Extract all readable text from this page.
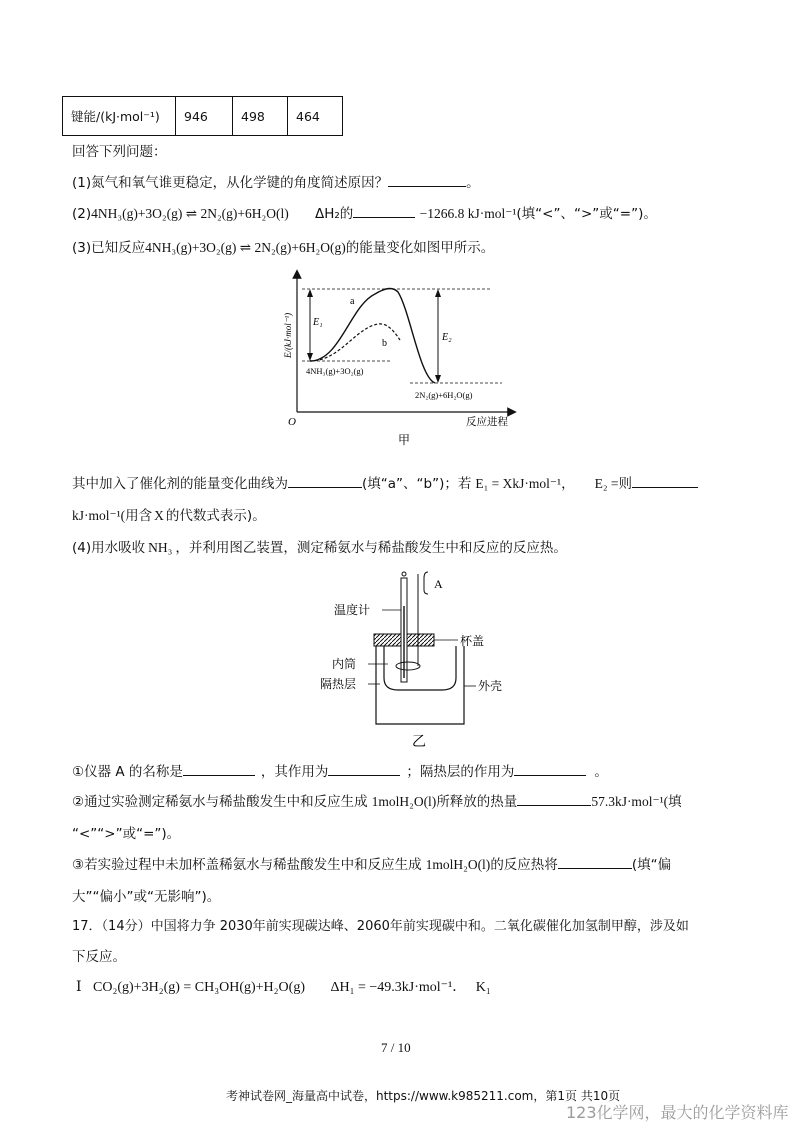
键能/(kJ·mol⁻¹)	946	498	464
回答下列问题：
(1)氮气和氧气谁更稳定，从化学键的角度简述原因？	。
(2)4NH₃(g)+3O₂(g) ⇌ 2N₂(g)+6H₂O(l) ΔH₂的	−1266.8 kJ·mol⁻¹(填“<”、“>”或“=”)。
(3)已知反应4NH₃(g)+3O₂(g) ⇌ 2N₂(g)+6H₂O(g)的能量变化如图甲所示。
a
b
E₁
E₂
4NH₃(g)+3O₂(g)
2N₂(g)+6H₂O(g)
O	反应进程
E/(kJ·mol⁻¹)
甲
其中加入了催化剂的能量变化曲线为	(填“a”、“b”)；若 E₁ = XkJ·mol⁻¹， E₂ =则
kJ·mol⁻¹(用含 X 的代数式表示)。
(4)用水吸收 NH₃ ，并利用图乙装置，测定稀氨水与稀盐酸发生中和反应的反应热。
A
温度计
杯盖
内筒
隔热层	外壳
乙
①仪器 A 的名称是	，其作用为	；隔热层的作用为	。
②通过实验测定稀氨水与稀盐酸发生中和反应生成 1molH₂O(l)所释放的热量	57.3kJ·mol⁻¹(填
“<”“>”或“=”)。
③若实验过程中未加杯盖稀氨水与稀盐酸发生中和反应生成 1molH₂O(l)的反应热将	(填“偏
大”“偏小”或“无影响”)。
17．（14分）中国将力争 2030年前实现碳达峰、2060年前实现碳中和。二氧化碳催化加氢制甲醇，涉及如
下反应。
Ⅰ CO₂(g)+3H₂(g) = CH₃OH(g)+H₂O(g) ΔH₁ = −49.3kJ·mol⁻¹． K₁
7 / 10
考神试卷网_海量高中试卷，https://www.k985211.com，第1页 共10页
123化学网，最大的化学资料库
